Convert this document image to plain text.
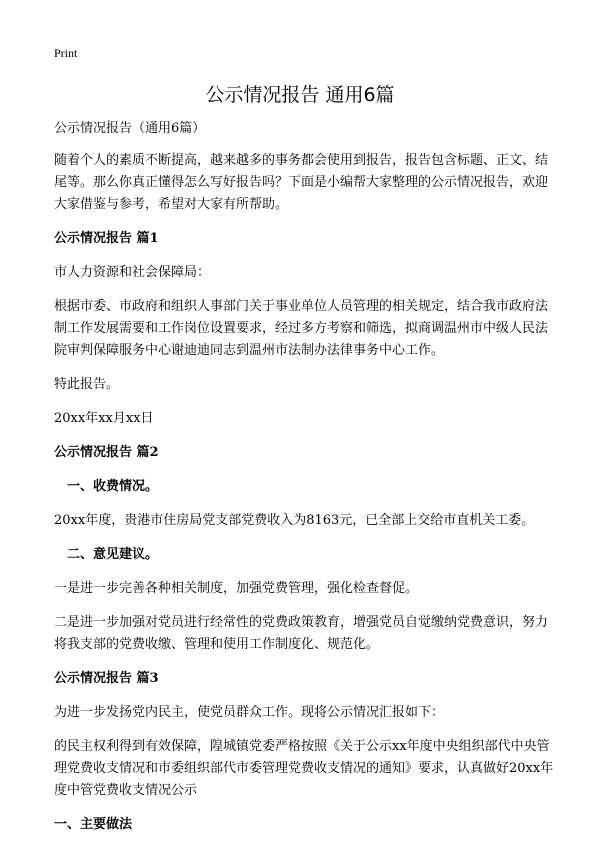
Print
公示情况报告 通用6篇

公示情况报告（通用6篇）

随着个人的素质不断提高，越来越多的事务都会使用到报告，报告包含标题、正文、结尾等。那么你真正懂得怎么写好报告吗？下面是小编帮大家整理的公示情况报告，欢迎大家借鉴与参考，希望对大家有所帮助。

公示情况报告 篇1

市人力资源和社会保障局：

根据市委、市政府和组织人事部门关于事业单位人员管理的相关规定，结合我市政府法制工作发展需要和工作岗位设置要求，经过多方考察和筛选，拟商调温州市中级人民法院审判保障服务中心谢迪迪同志到温州市法制办法律事务中心工作。

特此报告。

20xx年xx月xx日

公示情况报告 篇2

一、收费情况。

20xx年度，贵港市住房局党支部党费收入为8163元，已全部上交给市直机关工委。

二、意见建议。

一是进一步完善各种相关制度，加强党费管理，强化检查督促。

二是进一步加强对党员进行经常性的党费政策教育，增强党员自觉缴纳党费意识，努力将我支部的党费收缴、管理和使用工作制度化、规范化。

公示情况报告 篇3

为进一步发扬党内民主，使党员群众工作。现将公示情况汇报如下：

的民主权利得到有效保障，隍城镇党委严格按照《关于公示xx年度中央组织部代中央管理党费收支情况和市委组织部代市委管理党费收支情况的通知》要求，认真做好20xx年度中管党费收支情况公示

一、主要做法
